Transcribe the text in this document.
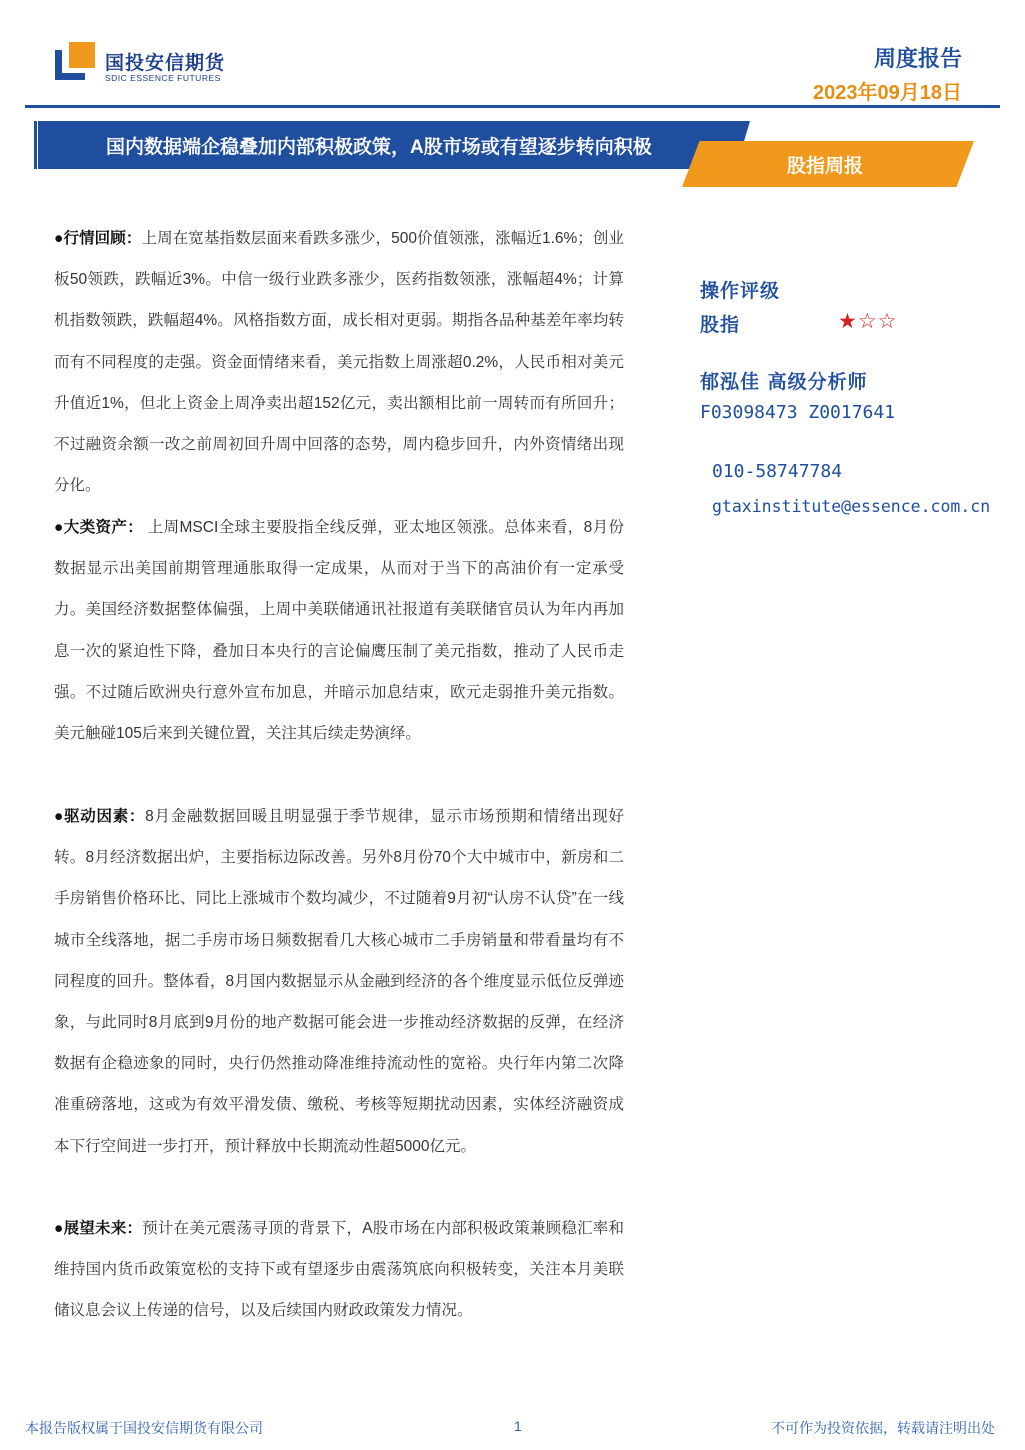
国投安信期货
SDIC ESSENCE FUTURES
周度报告
2023年09月18日
国内数据端企稳叠加内部积极政策，A股市场或有望逐步转向积极
股指周报
●行情回顾：上周在宽基指数层面来看跌多涨少，500价值领涨，涨幅近1.6%；创业板50领跌，跌幅近3%。中信一级行业跌多涨少，医药指数领涨，涨幅超4%；计算机指数领跌，跌幅超4%。风格指数方面，成长相对更弱。期指各品种基差年率均转而有不同程度的走强。资金面情绪来看，美元指数上周涨超0.2%，人民币相对美元升值近1%，但北上资金上周净卖出超152亿元，卖出额相比前一周转而有所回升；不过融资余额一改之前周初回升周中回落的态势，周内稳步回升，内外资情绪出现分化。
●大类资产： 上周MSCI全球主要股指全线反弹，亚太地区领涨。总体来看，8月份数据显示出美国前期管理通胀取得一定成果，从而对于当下的高油价有一定承受力。美国经济数据整体偏强，上周中美联储通讯社报道有美联储官员认为年内再加息一次的紧迫性下降，叠加日本央行的言论偏鹰压制了美元指数，推动了人民币走强。不过随后欧洲央行意外宣布加息，并暗示加息结束，欧元走弱推升美元指数。美元触碰105后来到关键位置，关注其后续走势演绎。
●驱动因素：8月金融数据回暖且明显强于季节规律，显示市场预期和情绪出现好转。8月经济数据出炉，主要指标边际改善。另外8月份70个大中城市中，新房和二手房销售价格环比、同比上涨城市个数均减少，不过随着9月初“认房不认贷”在一线城市全线落地，据二手房市场日频数据看几大核心城市二手房销量和带看量均有不同程度的回升。整体看，8月国内数据显示从金融到经济的各个维度显示低位反弹迹象，与此同时8月底到9月份的地产数据可能会进一步推动经济数据的反弹，在经济数据有企稳迹象的同时，央行仍然推动降准维持流动性的宽裕。央行年内第二次降准重磅落地，这或为有效平滑发债、缴税、考核等短期扰动因素，实体经济融资成本下行空间进一步打开，预计释放中长期流动性超5000亿元。
●展望未来：预计在美元震荡寻顶的背景下，A股市场在内部积极政策兼顾稳汇率和维持国内货币政策宽松的支持下或有望逐步由震荡筑底向积极转变，关注本月美联储议息会议上传递的信号，以及后续国内财政政策发力情况。
操作评级
股指	★☆☆
郁泓佳 高级分析师
F03098473 Z0017641
010-58747784
gtaxinstitute@essence.com.cn
本报告版权属于国投安信期货有限公司	1	不可作为投资依据，转载请注明出处
